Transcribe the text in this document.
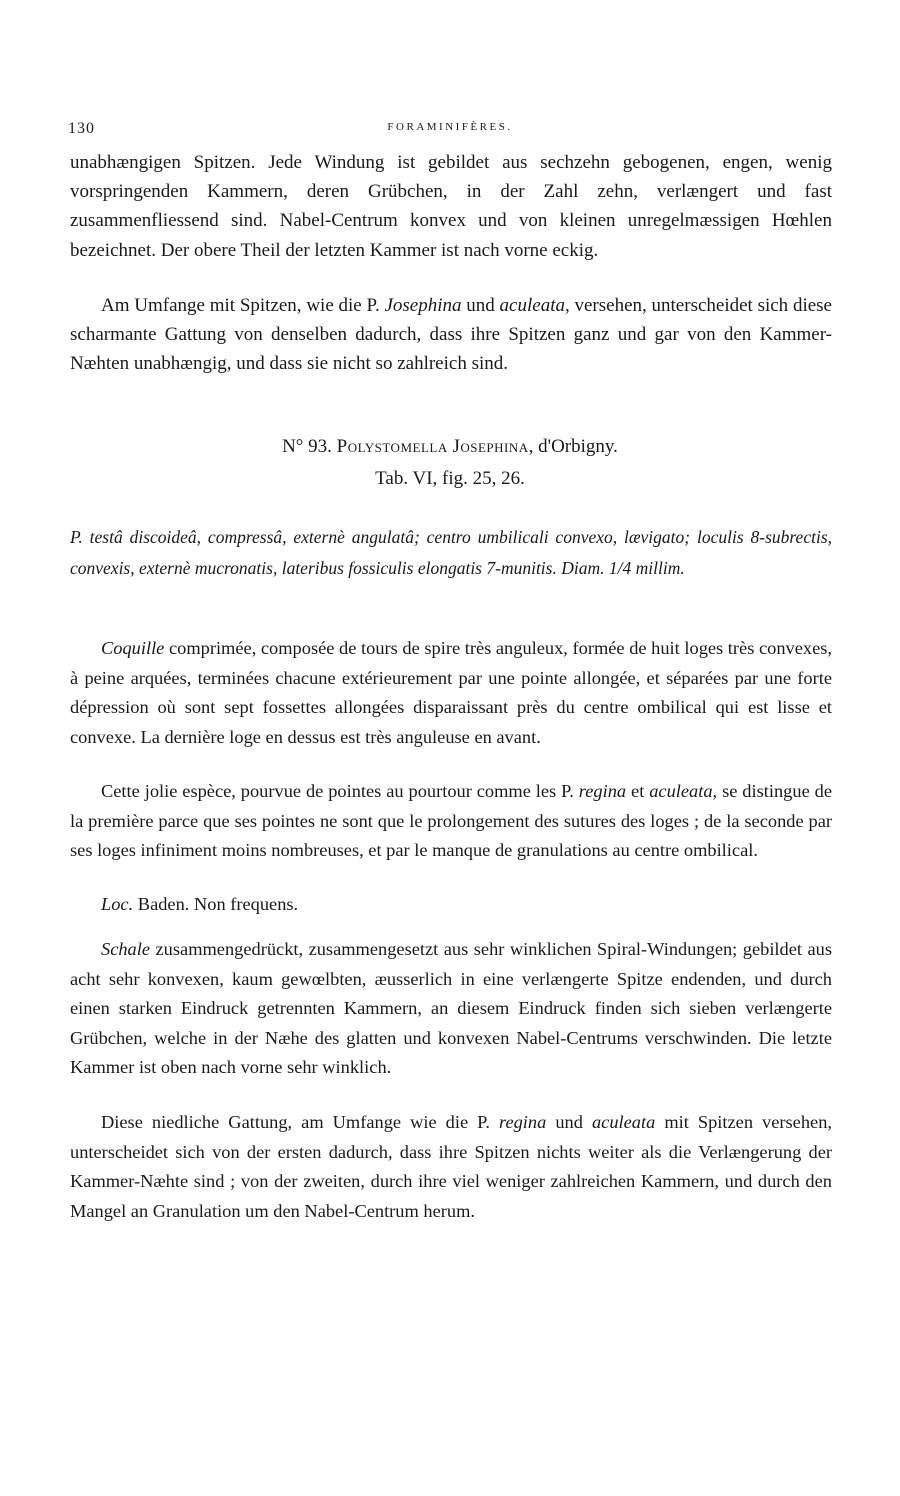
130	FORAMINIFÈRES.
unabhængigen Spitzen. Jede Windung ist gebildet aus sechzehn gebogenen, engen, wenig vorspringenden Kammern, deren Grübchen, in der Zahl zehn, verlængert und fast zusammenfliessend sind. Nabel-Centrum konvex und von kleinen unregelmæssigen Hœhlen bezeichnet. Der obere Theil der letzten Kammer ist nach vorne eckig.
Am Umfange mit Spitzen, wie die P. Josephina und aculeata, versehen, unterscheidet sich diese scharmante Gattung von denselben dadurch, dass ihre Spitzen ganz und gar von den Kammer-Næhten unabhængig, und dass sie nicht so zahlreich sind.
N° 93. Polystomella Josephina, d'Orbigny.
Tab. VI, fig. 25, 26.
P. testâ discoideâ, compressâ, externè angulatâ; centro umbilicali convexo, lævigato; loculis 8-subrectis, convexis, externè mucronatis, lateribus fossiculis elongatis 7-munitis. Diam. 1/4 millim.
Coquille comprimée, composée de tours de spire très anguleux, formée de huit loges très convexes, à peine arquées, terminées chacune extérieurement par une pointe allongée, et séparées par une forte dépression où sont sept fossettes allongées disparaissant près du centre ombilical qui est lisse et convexe. La dernière loge en dessus est très anguleuse en avant.
Cette jolie espèce, pourvue de pointes au pourtour comme les P. regina et aculeata, se distingue de la première parce que ses pointes ne sont que le prolongement des sutures des loges ; de la seconde par ses loges infiniment moins nombreuses, et par le manque de granulations au centre ombilical.
Loc. Baden. Non frequens.
Schale zusammengedrückt, zusammengesetzt aus sehr winklichen Spiral-Windungen; gebildet aus acht sehr konvexen, kaum gewœlbten, æusserlich in eine verlængerte Spitze endenden, und durch einen starken Eindruck getrennten Kammern, an diesem Eindruck finden sich sieben verlængerte Grübchen, welche in der Næhe des glatten und konvexen Nabel-Centrums verschwinden. Die letzte Kammer ist oben nach vorne sehr winklich.
Diese niedliche Gattung, am Umfange wie die P. regina und aculeata mit Spitzen versehen, unterscheidet sich von der ersten dadurch, dass ihre Spitzen nichts weiter als die Verlængerung der Kammer-Næhte sind ; von der zweiten, durch ihre viel weniger zahlreichen Kammern, und durch den Mangel an Granulation um den Nabel-Centrum herum.
